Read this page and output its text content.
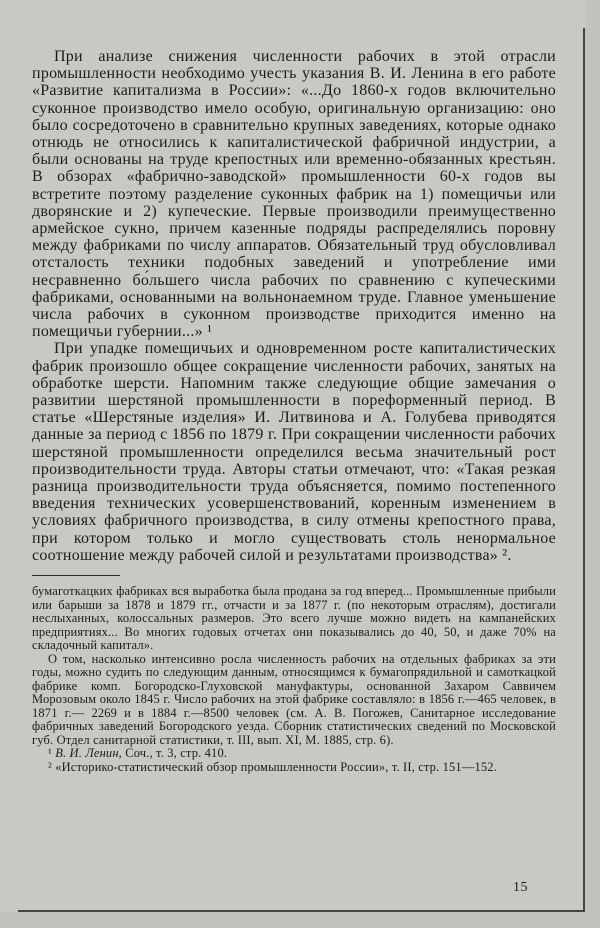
При анализе снижения численности рабочих в этой отрасли промышленности необходимо учесть указания В. И. Ленина в его работе «Развитие капитализма в России»: «...До 1860-х годов включительно суконное производство имело особую, оригинальную организацию: оно было сосредоточено в сравнительно крупных заведениях, которые однако отнюдь не относились к капиталистической фабричной индустрии, а были основаны на труде крепостных или временно-обязанных крестьян. В обзорах «фабрично-заводской» промышленности 60-х годов вы встретите поэтому разделение суконных фабрик на 1) помещичьи или дворянские и 2) купеческие. Первые производили преимущественно армейское сукно, причем казенные подряды распределялись поровну между фабриками по числу аппаратов. Обязательный труд обусловливал отсталость техники подобных заведений и употребление ими несравненно бо́льшего числа рабочих по сравнению с купеческими фабриками, основанными на вольнонаемном труде. Главное уменьшение числа рабочих в суконном производстве приходится именно на помещичьи губернии...» ¹

При упадке помещичьих и одновременном росте капиталистических фабрик произошло общее сокращение численности рабочих, занятых на обработке шерсти. Напомним также следующие общие замечания о развитии шерстяной промышленности в пореформенный период. В статье «Шерстяные изделия» И. Литвинова и А. Голубева приводятся данные за период с 1856 по 1879 г. При сокращении численности рабочих шерстяной промышленности определился весьма значительный рост производительности труда. Авторы статьи отмечают, что: «Такая резкая разница производительности труда объясняется, помимо постепенного введения технических усовершенствований, коренным изменением в условиях фабричного производства, в силу отмены крепостного права, при котором только и могло существовать столь ненормальное соотношение между рабочей силой и результатами производства» ².

бумаготкацких фабриках вся выработка была продана за год вперед... Промышленные прибыли или барыши за 1878 и 1879 гг., отчасти и за 1877 г. (по некоторым отраслям), достигали неслыханных, колоссальных размеров. Это всего лучше можно видеть на кампанейских предприятиях... Во многих годовых отчетах они показывались до 40, 50, и даже 70% на складочный капитал».

О том, насколько интенсивно росла численность рабочих на отдельных фабриках за эти годы, можно судить по следующим данным, относящимся к бумагопрядильной и самоткацкой фабрике комп. Богородско-Глуховской мануфактуры, основанной Захаром Саввичем Морозовым около 1845 г. Число рабочих на этой фабрике составляло: в 1856 г.—465 человек, в 1871 г.— 2269 и в 1884 г.—8500 человек (см. А. В. Погожев, Санитарное исследование фабричных заведений Богородского уезда. Сборник статистических сведений по Московской губ. Отдел санитарной статистики, т. III, вып. XI, М. 1885, стр. 6).

¹ В. И. Ленин, Соч., т. 3, стр. 410.

² «Историко-статистический обзор промышленности России», т. II, стр. 151—152.

15
